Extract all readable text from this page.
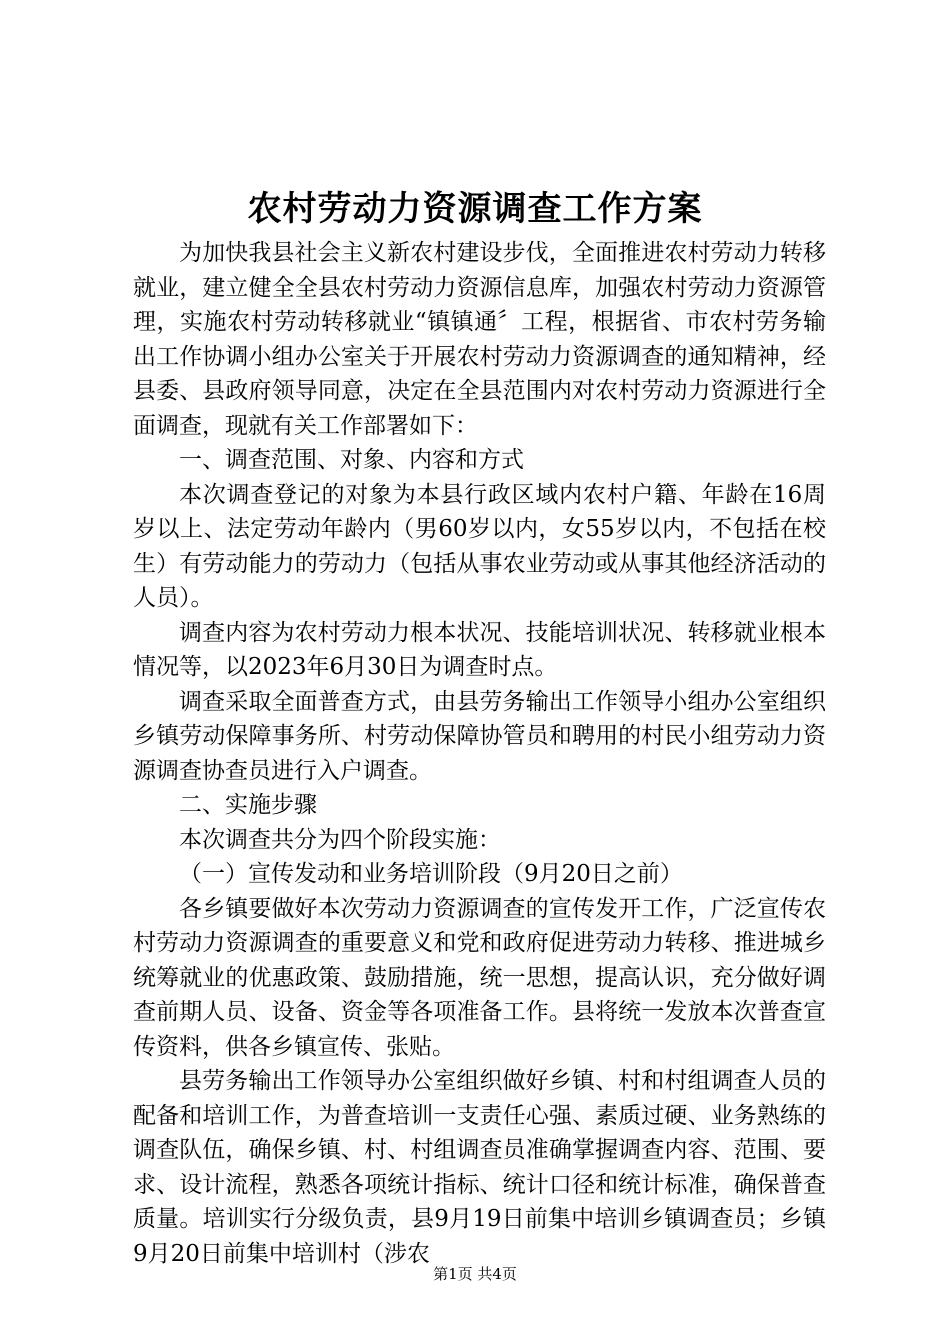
农村劳动力资源调查工作方案

为加快我县社会主义新农村建设步伐，全面推进农村劳动力转移就业，建立健全全县农村劳动力资源信息库，加强农村劳动力资源管理，实施农村劳动转移就业“镇镇通〞工程，根据省、市农村劳务输出工作协调小组办公室关于开展农村劳动力资源调查的通知精神，经县委、县政府领导同意，决定在全县范围内对农村劳动力资源进行全面调查，现就有关工作部署如下：

一、调查范围、对象、内容和方式

本次调查登记的对象为本县行政区域内农村户籍、年龄在16周岁以上、法定劳动年龄内（男60岁以内，女55岁以内，不包括在校生）有劳动能力的劳动力（包括从事农业劳动或从事其他经济活动的人员）。

调查内容为农村劳动力根本状况、技能培训状况、转移就业根本情况等，以2023年6月30日为调查时点。

调查采取全面普查方式，由县劳务输出工作领导小组办公室组织乡镇劳动保障事务所、村劳动保障协管员和聘用的村民小组劳动力资源调查协查员进行入户调查。

二、实施步骤

本次调查共分为四个阶段实施：

（一）宣传发动和业务培训阶段（9月20日之前）

各乡镇要做好本次劳动力资源调查的宣传发开工作，广泛宣传农村劳动力资源调查的重要意义和党和政府促进劳动力转移、推进城乡统筹就业的优惠政策、鼓励措施，统一思想，提高认识，充分做好调查前期人员、设备、资金等各项准备工作。县将统一发放本次普查宣传资料，供各乡镇宣传、张贴。

县劳务输出工作领导办公室组织做好乡镇、村和村组调查人员的配备和培训工作，为普查培训一支责任心强、素质过硬、业务熟练的调查队伍，确保乡镇、村、村组调查员准确掌握调查内容、范围、要求、设计流程，熟悉各项统计指标、统计口径和统计标准，确保普查质量。培训实行分级负责，县9月19日前集中培训乡镇调查员；乡镇9月20日前集中培训村（涉农

第1页 共4页
